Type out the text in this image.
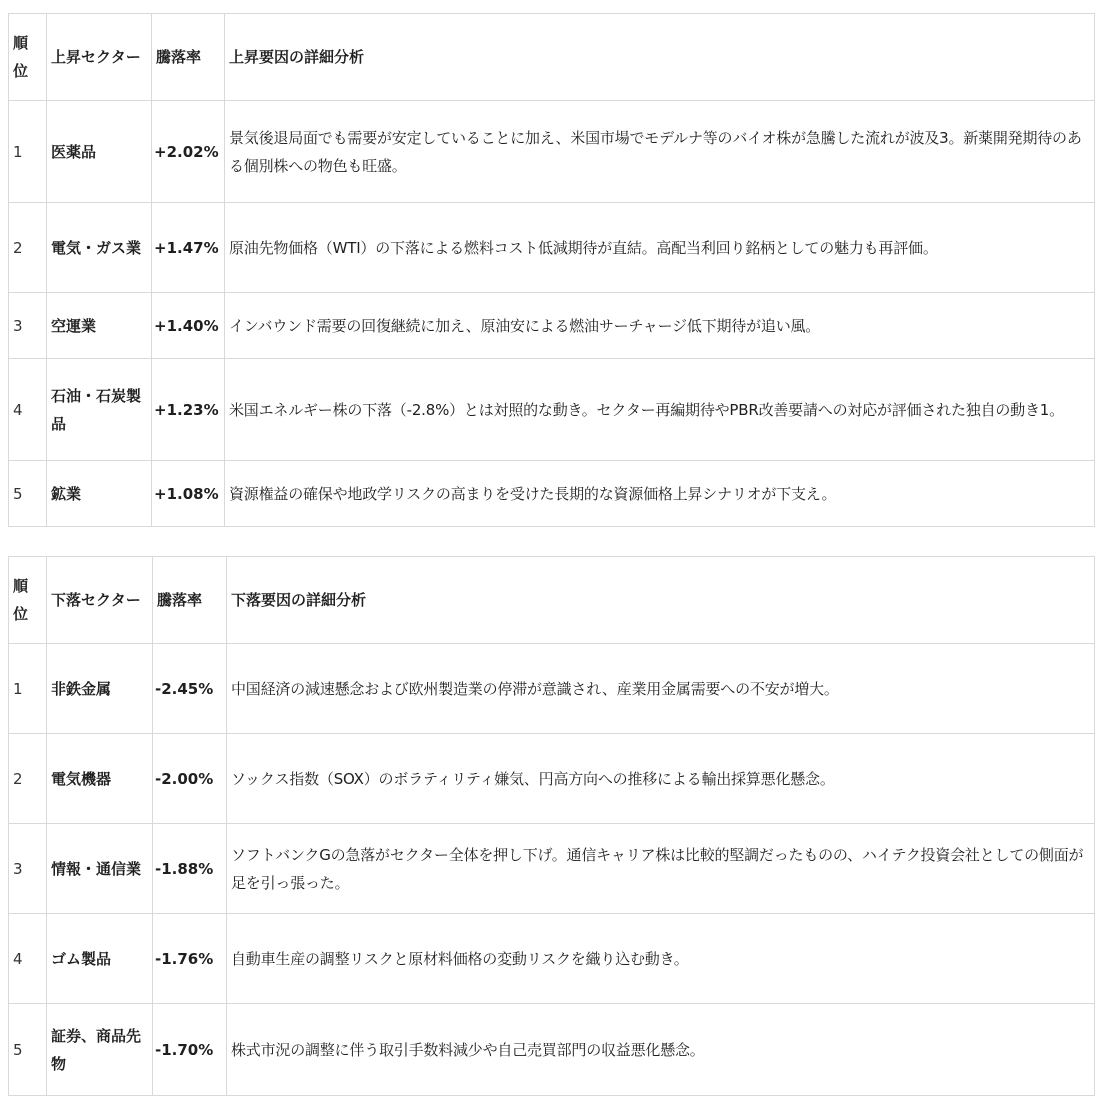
順位	上昇セクター	騰落率	上昇要因の詳細分析
1	医薬品	+2.02%	景気後退局面でも需要が安定していることに加え、米国市場でモデルナ等のバイオ株が急騰した流れが波及3。新薬開発期待のある個別株への物色も旺盛。
2	電気・ガス業	+1.47%	原油先物価格（WTI）の下落による燃料コスト低減期待が直結。高配当利回り銘柄としての魅力も再評価。
3	空運業	+1.40%	インバウンド需要の回復継続に加え、原油安による燃油サーチャージ低下期待が追い風。
4	石油・石炭製品	+1.23%	米国エネルギー株の下落（-2.8%）とは対照的な動き。セクター再編期待やPBR改善要請への対応が評価された独自の動き1。
5	鉱業	+1.08%	資源権益の確保や地政学リスクの高まりを受けた長期的な資源価格上昇シナリオが下支え。
順位	下落セクター	騰落率	下落要因の詳細分析
1	非鉄金属	-2.45%	中国経済の減速懸念および欧州製造業の停滞が意識され、産業用金属需要への不安が増大。
2	電気機器	-2.00%	ソックス指数（SOX）のボラティリティ嫌気、円高方向への推移による輸出採算悪化懸念。
3	情報・通信業	-1.88%	ソフトバンクGの急落がセクター全体を押し下げ。通信キャリア株は比較的堅調だったものの、ハイテク投資会社としての側面が足を引っ張った。
4	ゴム製品	-1.76%	自動車生産の調整リスクと原材料価格の変動リスクを織り込む動き。
5	証券、商品先物	-1.70%	株式市況の調整に伴う取引手数料減少や自己売買部門の収益悪化懸念。
